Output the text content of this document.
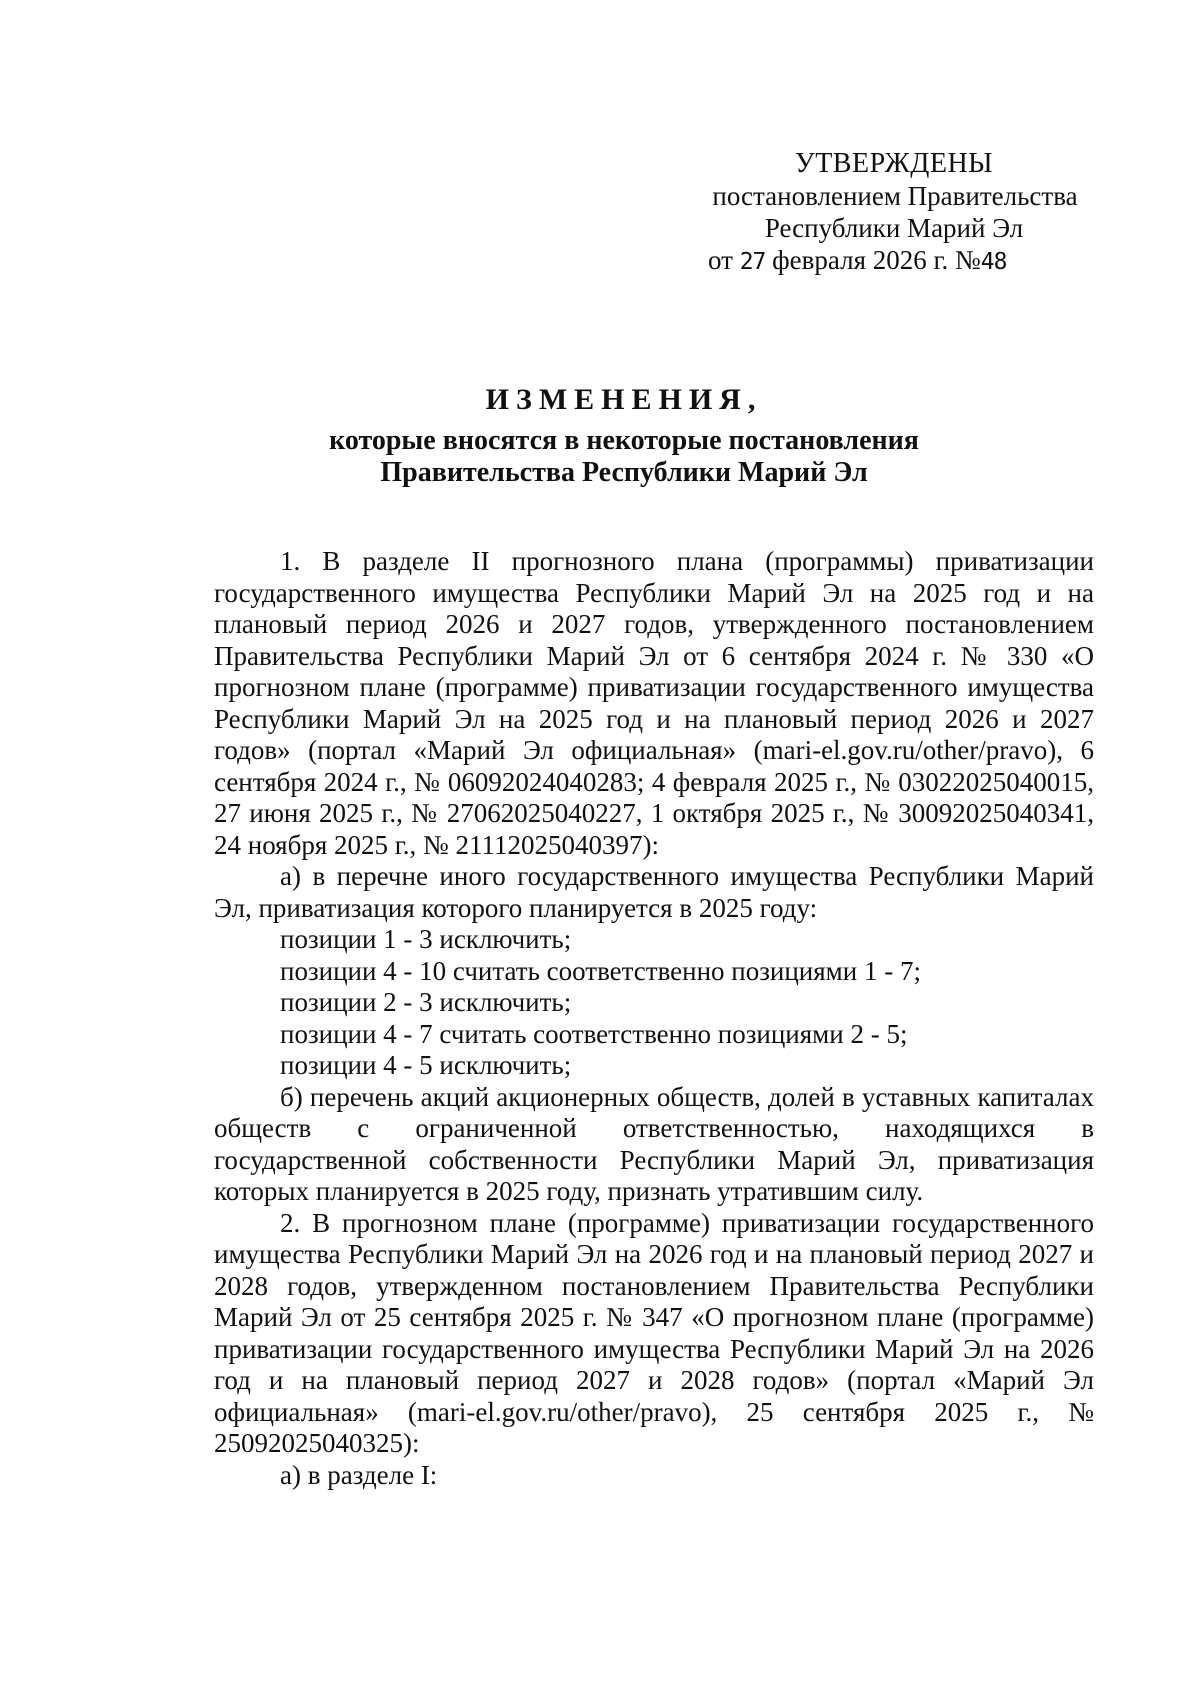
УТВЕРЖДЕНЫ
постановлением Правительства
Республики Марий Эл
от 27 февраля 2026 г. №48
ИЗМЕНЕНИЯ,
которые вносятся в некоторые постановления
Правительства Республики Марий Эл

1. В разделе II прогнозного плана (программы) приватизации государственного имущества Республики Марий Эл на 2025 год и на плановый период 2026 и 2027 годов, утвержденного постановлением Правительства Республики Марий Эл от 6 сентября 2024 г. № 330 «О прогнозном плане (программе) приватизации государственного имущества Республики Марий Эл на 2025 год и на плановый период 2026 и 2027 годов» (портал «Марий Эл официальная» (mari-el.gov.ru/other/pravo), 6 сентября 2024 г., № 06092024040283; 4 февраля 2025 г., № 03022025040015, 27 июня 2025 г., № 27062025040227, 1 октября 2025 г., № 30092025040341, 24 ноября 2025 г., № 21112025040397):

а) в перечне иного государственного имущества Республики Марий Эл, приватизация которого планируется в 2025 году:

позиции 1 - 3 исключить;

позиции 4 - 10 считать соответственно позициями 1 - 7;

позиции 2 - 3 исключить;

позиции 4 - 7 считать соответственно позициями 2 - 5;

позиции 4 - 5 исключить;

б) перечень акций акционерных обществ, долей в уставных капиталах обществ с ограниченной ответственностью, находящихся в государственной собственности Республики Марий Эл, приватизация которых планируется в 2025 году, признать утратившим силу.

2. В прогнозном плане (программе) приватизации государственного имущества Республики Марий Эл на 2026 год и на плановый период 2027 и 2028 годов, утвержденном постановлением Правительства Республики Марий Эл от 25 сентября 2025 г. № 347 «О прогнозном плане (программе) приватизации государственного имущества Республики Марий Эл на 2026 год и на плановый период 2027 и 2028 годов» (портал «Марий Эл официальная» (mari-el.gov.ru/other/pravo), 25 сентября 2025 г., № 25092025040325):

а) в разделе I:
